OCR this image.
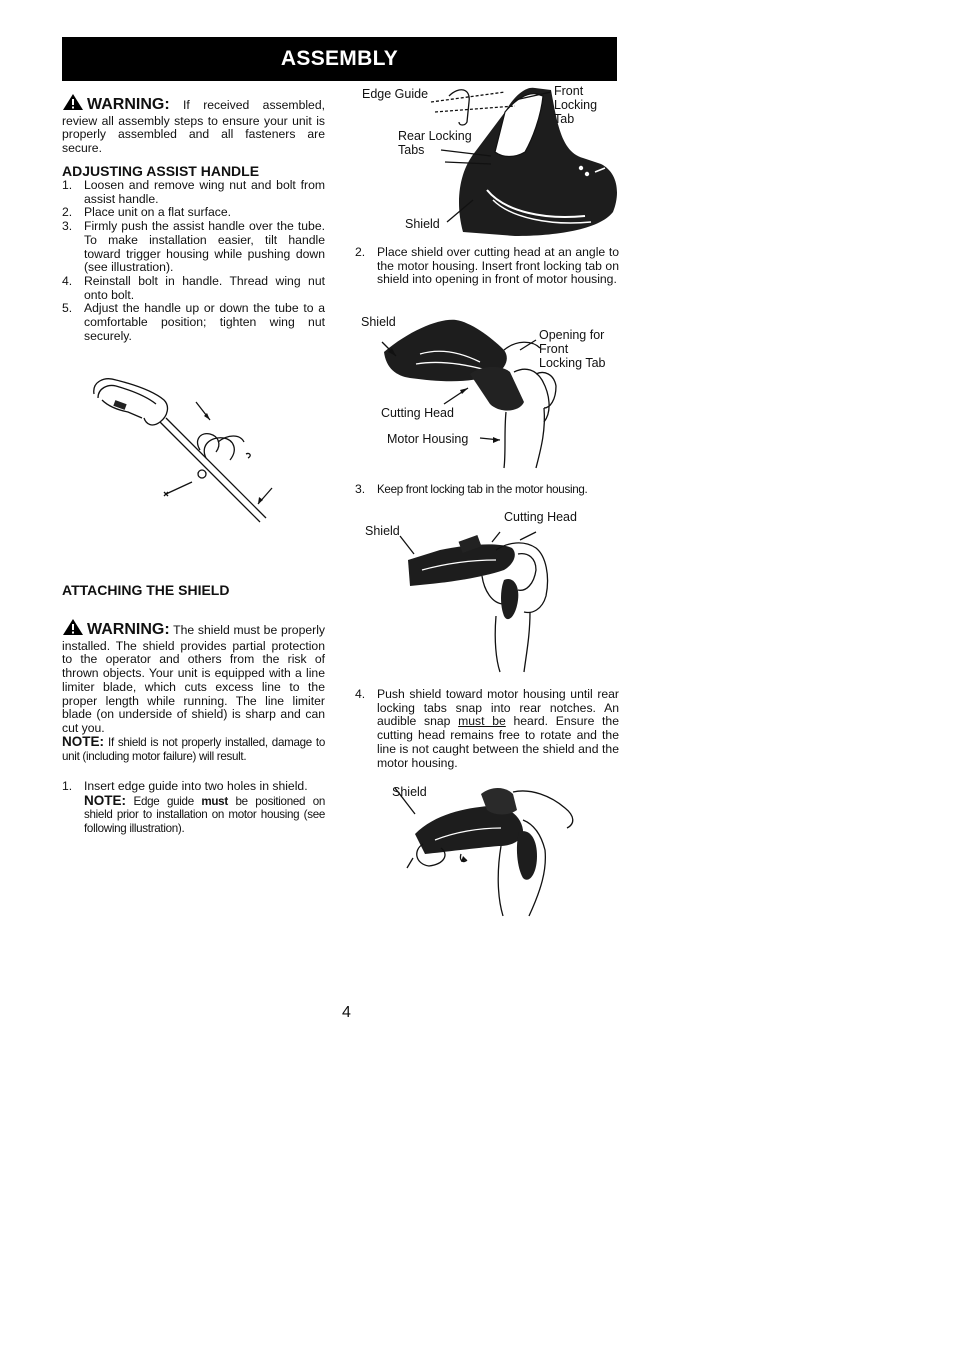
ASSEMBLY
WARNING: If received assembled, review all assembly steps to ensure your unit is properly assembled and all fasteners are secure.
ADJUSTING ASSIST HANDLE
1. Loosen and remove wing nut and bolt from assist handle.
2. Place unit on a flat surface.
3. Firmly push the assist handle over the tube. To make installation easier, tilt handle toward trigger housing while pushing down (see illustration).
4. Reinstall bolt in handle. Thread wing nut onto bolt.
5. Adjust the handle up or down the tube to a comfortable position; tighten wing nut securely.
ATTACHING THE SHIELD
WARNING: The shield must be properly installed. The shield provides partial protection to the operator and others from the risk of thrown objects. Your unit is equipped with a line limiter blade, which cuts excess line to the proper length while running. The line limiter blade (on underside of shield) is sharp and can cut you.
NOTE: If shield is not properly installed, damage to unit (including motor failure) will result.
1. Insert edge guide into two holes in shield.
NOTE: Edge guide must be positioned on shield prior to installation on motor housing (see following illustration).
4
Edge Guide	Front
Locking
Tab
Rear Locking
Tabs
Shield
2. Place shield over cutting head at an angle to the motor housing. Insert front locking tab on shield into opening in front of motor housing.
Shield
Opening for
Front
Locking Tab
Cutting Head
Motor Housing
3. Keep front locking tab in the motor housing.
Shield
Cutting Head
4. Push shield toward motor housing until rear locking tabs snap into rear notches. An audible snap must be heard. Ensure the cutting head remains free to rotate and the line is not caught between the shield and the motor housing.
Shield
